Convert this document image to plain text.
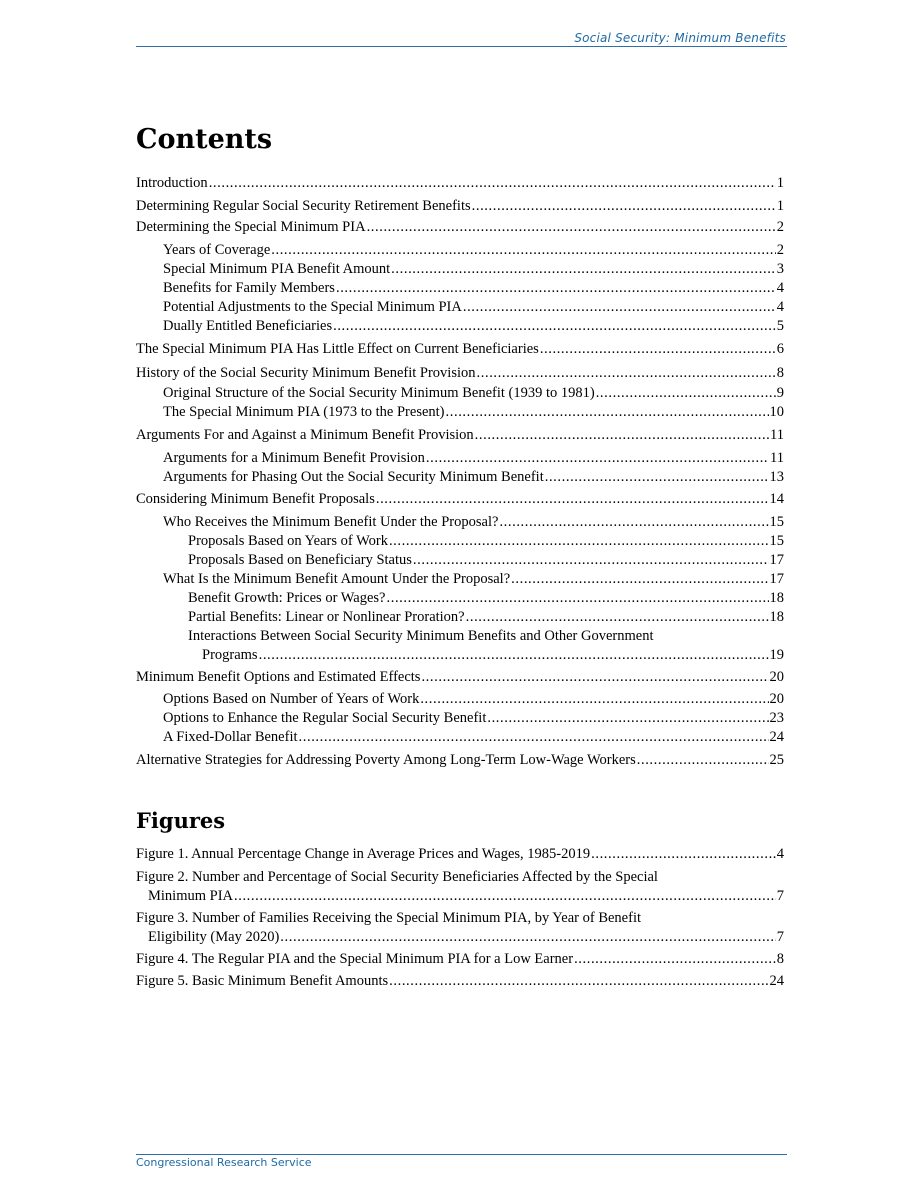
Social Security: Minimum Benefits
Contents
Introduction .....	1
Determining Regular Social Security Retirement Benefits .....	1
Determining the Special Minimum PIA .....	2
Years of Coverage .....	2
Special Minimum PIA Benefit Amount .....	3
Benefits for Family Members .....	4
Potential Adjustments to the Special Minimum PIA .....	4
Dually Entitled Beneficiaries .....	5
The Special Minimum PIA Has Little Effect on Current Beneficiaries .....	6
History of the Social Security Minimum Benefit Provision .....	8
Original Structure of the Social Security Minimum Benefit (1939 to 1981) .....	9
The Special Minimum PIA (1973 to the Present) .....	10
Arguments For and Against a Minimum Benefit Provision .....	11
Arguments for a Minimum Benefit Provision .....	11
Arguments for Phasing Out the Social Security Minimum Benefit .....	13
Considering Minimum Benefit Proposals .....	14
Who Receives the Minimum Benefit Under the Proposal? .....	15
Proposals Based on Years of Work .....	15
Proposals Based on Beneficiary Status .....	17
What Is the Minimum Benefit Amount Under the Proposal? .....	17
Benefit Growth: Prices or Wages? .....	18
Partial Benefits: Linear or Nonlinear Proration? .....	18
Interactions Between Social Security Minimum Benefits and Other Government
Programs .....	19
Minimum Benefit Options and Estimated Effects .....	20
Options Based on Number of Years of Work .....	20
Options to Enhance the Regular Social Security Benefit .....	23
A Fixed-Dollar Benefit .....	24
Alternative Strategies for Addressing Poverty Among Long-Term Low-Wage Workers .....	25
Figures
Figure 1. Annual Percentage Change in Average Prices and Wages, 1985-2019 .....	4
Figure 2. Number and Percentage of Social Security Beneficiaries Affected by the Special
Minimum PIA .....	7
Figure 3. Number of Families Receiving the Special Minimum PIA, by Year of Benefit
Eligibility (May 2020) .....	7
Figure 4. The Regular PIA and the Special Minimum PIA for a Low Earner .....	8
Figure 5. Basic Minimum Benefit Amounts .....	24
Congressional Research Service
